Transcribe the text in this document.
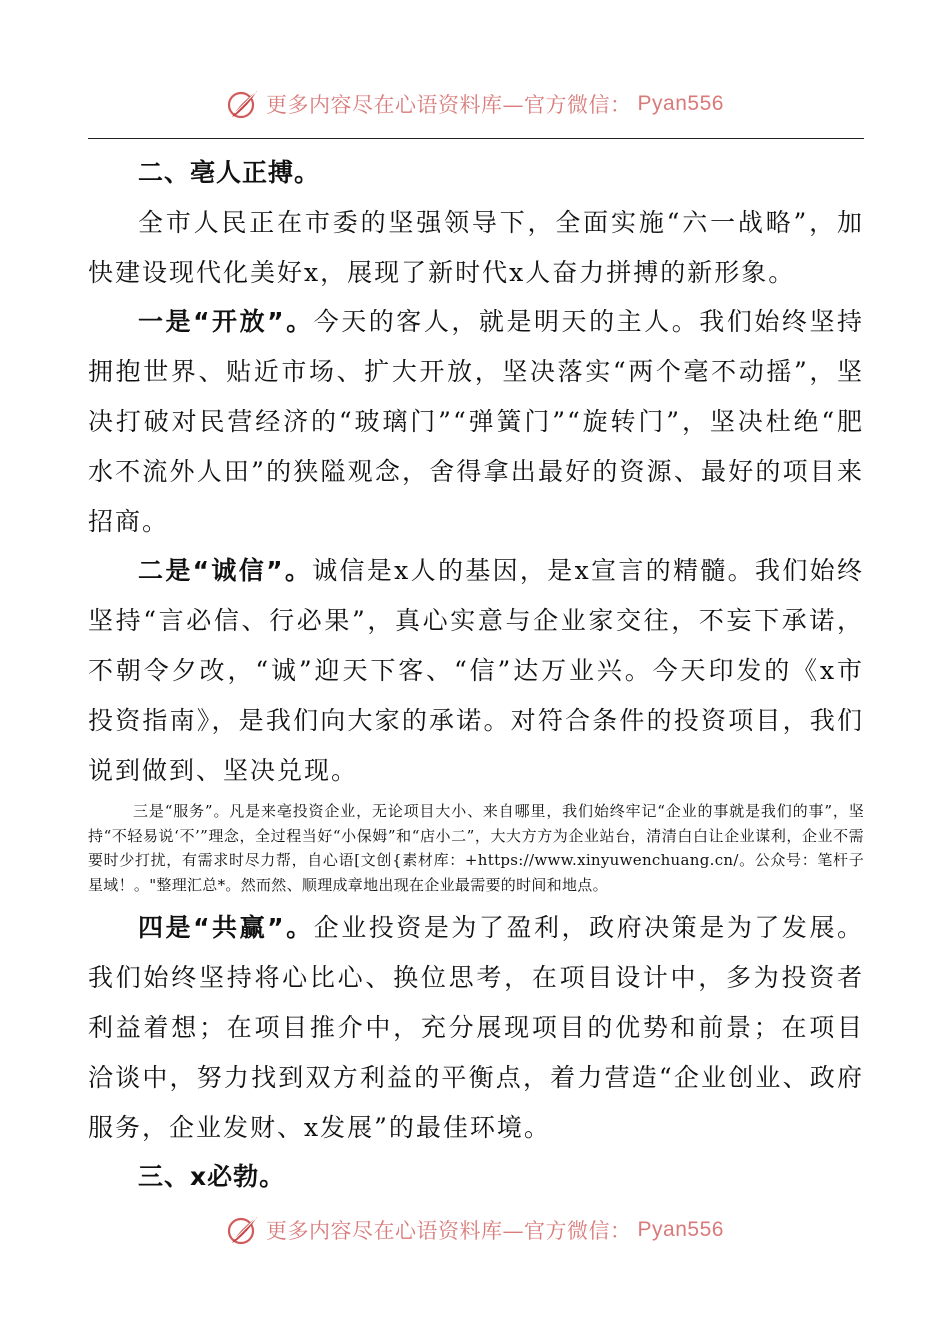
更多内容尽在心语资料库—官方微信： Pyan556

二、亳人正搏。

全市人民正在市委的坚强领导下，全面实施“六一战略”，加快建设现代化美好x，展现了新时代x人奋力拼搏的新形象。

一是“开放”。今天的客人，就是明天的主人。我们始终坚持拥抱世界、贴近市场、扩大开放，坚决落实“两个毫不动摇”，坚决打破对民营经济的“玻璃门”“弹簧门”“旋转门”，坚决杜绝“肥水不流外人田”的狭隘观念，舍得拿出最好的资源、最好的项目来招商。

二是“诚信”。诚信是x人的基因，是x宣言的精髓。我们始终坚持“言必信、行必果”，真心实意与企业家交往，不妄下承诺，不朝令夕改，“诚”迎天下客、“信”达万业兴。今天印发的《x市投资指南》，是我们向大家的承诺。对符合条件的投资项目，我们说到做到、坚决兑现。

三是“服务”。凡是来亳投资企业，无论项目大小、来自哪里，我们始终牢记“企业的事就是我们的事”，坚持“不轻易说‘不’”理念，全过程当好“小保姆”和“店小二”，大大方方为企业站台，清清白白让企业谋利，企业不需要时少打扰，有需求时尽力帮，自心语[文创{素材库：+https://www.xinyuwenchuang.cn/。公众号：笔杆子星域！。"整理汇总*。然而然、顺理成章地出现在企业最需要的时间和地点。

四是“共赢”。企业投资是为了盈利，政府决策是为了发展。我们始终坚持将心比心、换位思考，在项目设计中，多为投资者利益着想；在项目推介中，充分展现项目的优势和前景；在项目洽谈中，努力找到双方利益的平衡点，着力营造“企业创业、政府服务，企业发财、x发展”的最佳环境。

三、x必勃。

更多内容尽在心语资料库—官方微信： Pyan556
